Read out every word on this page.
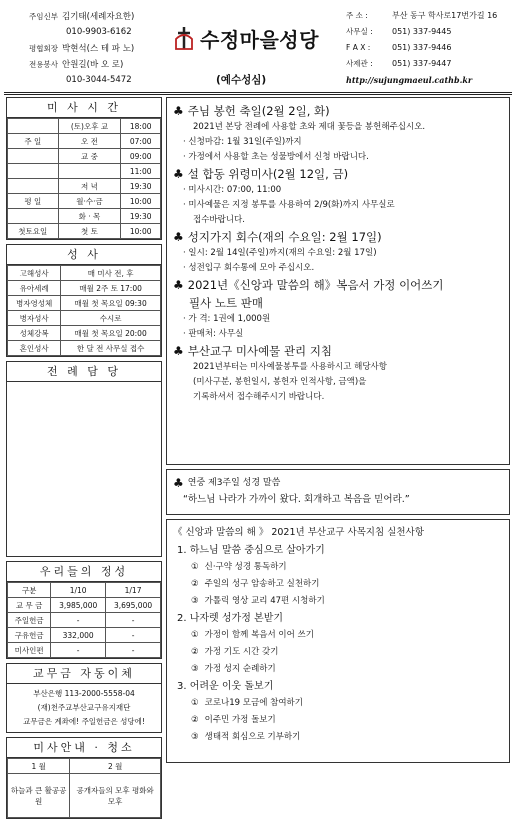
주임신부 김기태(세례자요한)
010-9903-6162
평협회장 박현석(스 테 파 노)
전용봉사 안원길(바 오 로)
010-3044-5472
수정마을성당
(예수성심)
주 소 :	부산 동구 학사로17번가길 16
사무실 :	051) 337-9445
F A X :	051) 337-9446
사제관 :	051) 337-9447
http://sujungmaeul.cathb.kr
미 사 시 간
	(토)오후 교	18:00
주 일	오 전	07:00
	교 중	09:00
		11:00
	저 녁	19:30
평 일	월·수·금	10:00
	화 · 목	19:30
첫토요일	첫 토	10:00
성 사
고해성사	매 미사 전, 후
유아세례	매월 2주 토 17:00
병자영성체	매월 첫 목요일 09:30
병자성사	수시로
성체강복	매월 첫 목요일 20:00
혼인성사	한 달 전 사무실 접수
전 례 담 당
우리들의 정성
구분	1/10	1/17
교 무 금	3,985,000	3,695,000
주일헌금	-	-
구유헌금	332,000	-
미사인편	-	-
교무금 자동이체
부산은행 113-2000-5558-04
(재)천주교부산교구유지재단
교무금은 계좌에! 주일헌금은 성당에!
미사안내 · 청소
1 월	2 월
하늘과 큰 활공공원	공개자들의 모후 평화와 모후
♣ 주님 봉헌 축일(2월 2일, 화)
2021년 본당 전례에 사용할 초와 제대 꽃등을 봉헌해주십시오.
· 신청마감: 1월 31일(주일)까지
· 가정에서 사용할 초는 성물방에서 신청 바랍니다.
♣ 설 합동 위령미사(2월 12일, 금)
· 미사시간: 07:00, 11:00
· 미사예물은 지정 봉투를 사용하여 2/9(화)까지 사무실로
접수바랍니다.
♣ 성지가지 회수(재의 수요일: 2월 17일)
· 일시: 2월 14일(주일)까지(재의 수요일: 2월 17일)
· 성전입구 회수통에 모아 주십시오.
♣ 2021년《신앙과 말씀의 해》복음서 가정 이어쓰기
필사 노트 판매
· 가 격: 1권에 1,000원
· 판매처: 사무실
♣ 부산교구 미사예물 관리 지침
2021년부터는 미사예물봉투를 사용하시고 해당사항
(미사구분, 봉헌일시, 봉헌자 인적사항, 금액)을
기록하셔서 접수해주시기 바랍니다.
♣ 연중 제3주일 성경 말씀
“하느님 나라가 가까이 왔다. 회개하고 복음을 믿어라.”
《 신앙과 말씀의 해 》 2021년 부산교구 사목지침 실천사항
1. 하느님 말씀 중심으로 살아가기
① 신·구약 성경 통독하기
② 주일의 성구 암송하고 실천하기
③ 가톨릭 영상 교리 47편 시청하기
2. 나자렛 성가정 본받기
① 가정이 함께 복음서 이어 쓰기
② 가정 기도 시간 갖기
③ 가정 성지 순례하기
3. 어려운 이웃 돌보기
① 코로나19 모금에 참여하기
② 이주민 가정 돌보기
③ 생태적 회심으로 기부하기
